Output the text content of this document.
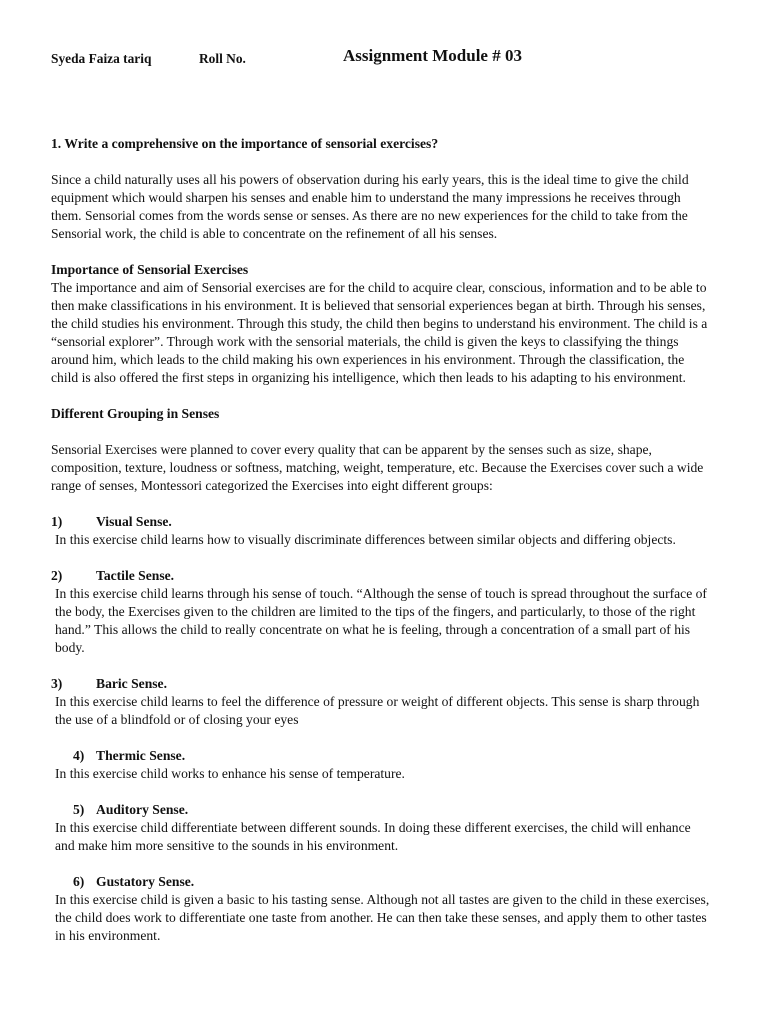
Syeda Faiza tariq	Roll No.	Assignment Module # 03

1. Write a comprehensive on the importance of sensorial exercises?

Since a child naturally uses all his powers of observation during his early years, this is the ideal time to give the child equipment which would sharpen his senses and enable him to understand the many impressions he receives through them. Sensorial comes from the words sense or senses. As there are no new experiences for the child to take from the Sensorial work, the child is able to concentrate on the refinement of all his senses.

Importance of Sensorial Exercises

The importance and aim of Sensorial exercises are for the child to acquire clear, conscious, information and to be able to then make classifications in his environment. It is believed that sensorial experiences began at birth. Through his senses, the child studies his environment. Through this study, the child then begins to understand his environment. The child is a “sensorial explorer”. Through work with the sensorial materials, the child is given the keys to classifying the things around him, which leads to the child making his own experiences in his environment. Through the classification, the child is also offered the first steps in organizing his intelligence, which then leads to his adapting to his environment.

Different Grouping in Senses

Sensorial Exercises were planned to cover every quality that can be apparent by the senses such as size, shape, composition, texture, loudness or softness, matching, weight, temperature, etc. Because the Exercises cover such a wide range of senses, Montessori categorized the Exercises into eight different groups:

1) Visual Sense.

In this exercise child learns how to visually discriminate differences between similar objects and differing objects.

2) Tactile Sense.

In this exercise child learns through his sense of touch. “Although the sense of touch is spread throughout the surface of the body, the Exercises given to the children are limited to the tips of the fingers, and particularly, to those of the right hand.” This allows the child to really concentrate on what he is feeling, through a concentration of a small part of his body.

3) Baric Sense.

In this exercise child learns to feel the difference of pressure or weight of different objects. This sense is sharp through the use of a blindfold or of closing your eyes

4) Thermic Sense.

In this exercise child works to enhance his sense of temperature.

5) Auditory Sense.

In this exercise child differentiate between different sounds. In doing these different exercises, the child will enhance and make him more sensitive to the sounds in his environment.

6) Gustatory Sense.

In this exercise child is given a basic to his tasting sense. Although not all tastes are given to the child in these exercises, the child does work to differentiate one taste from another. He can then take these senses, and apply them to other tastes in his environment.
